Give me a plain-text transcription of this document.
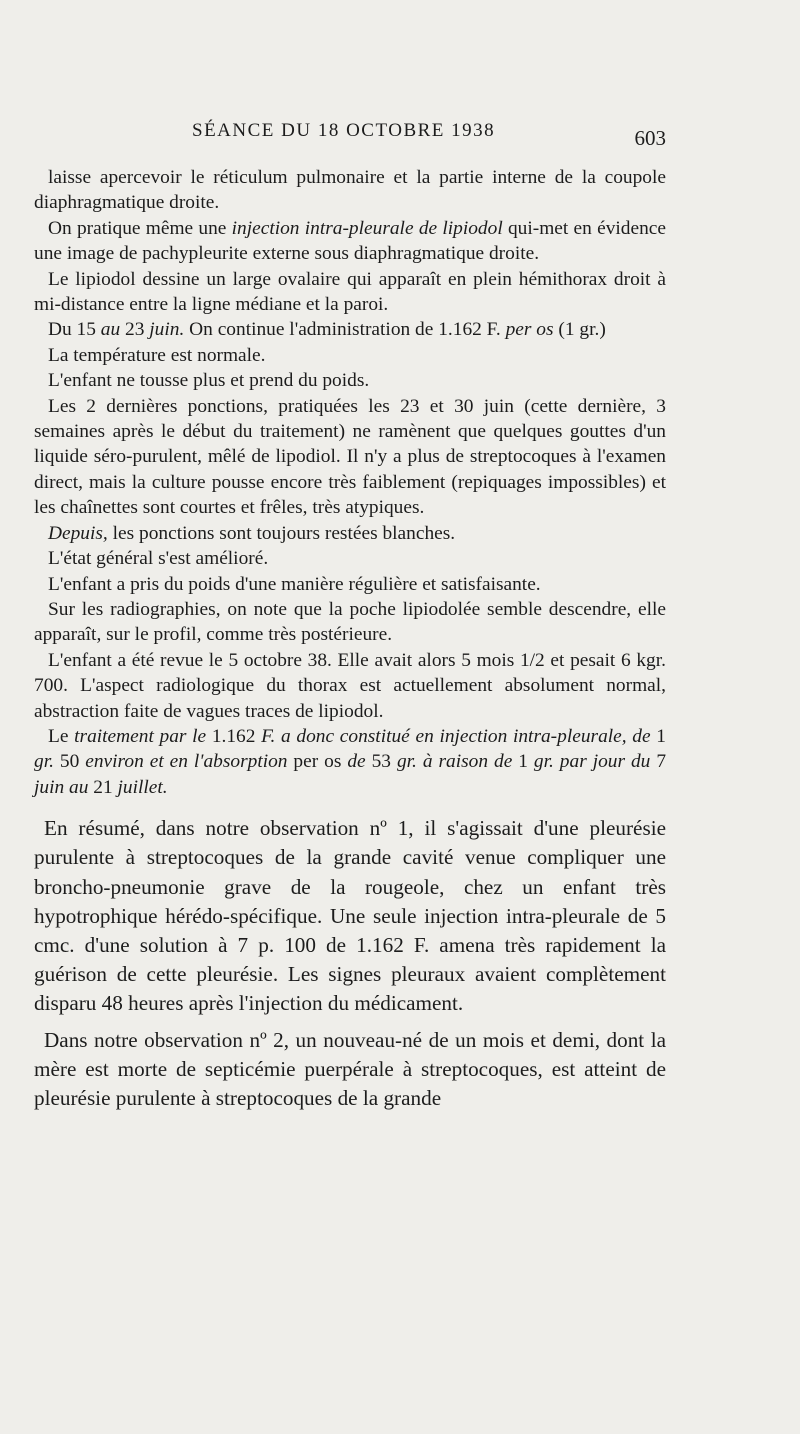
SÉANCE DU 18 OCTOBRE 1938	603

laisse apercevoir le réticulum pulmonaire et la partie interne de la coupole diaphragmatique droite.

On pratique même une injection intra-pleurale de lipiodol qui-met en évidence une image de pachypleurite externe sous diaphragmatique droite.

Le lipiodol dessine un large ovalaire qui apparaît en plein hémithorax droit à mi-distance entre la ligne médiane et la paroi.

Du 15 au 23 juin. On continue l'administration de 1.162 F. per os (1 gr.)

La température est normale.

L'enfant ne tousse plus et prend du poids.

Les 2 dernières ponctions, pratiquées les 23 et 30 juin (cette dernière, 3 semaines après le début du traitement) ne ramènent que quelques gouttes d'un liquide séro-purulent, mêlé de lipodiol. Il n'y a plus de streptocoques à l'examen direct, mais la culture pousse encore très faiblement (repiquages impossibles) et les chaînettes sont courtes et frêles, très atypiques.

Depuis, les ponctions sont toujours restées blanches.

L'état général s'est amélioré.

L'enfant a pris du poids d'une manière régulière et satisfaisante.

Sur les radiographies, on note que la poche lipiodolée semble descendre, elle apparaît, sur le profil, comme très postérieure.

L'enfant a été revue le 5 octobre 38. Elle avait alors 5 mois 1/2 et pesait 6 kgr. 700. L'aspect radiologique du thorax est actuellement absolument normal, abstraction faite de vagues traces de lipiodol.

Le traitement par le 1.162 F. a donc constitué en injection intra-pleurale, de 1 gr. 50 environ et en l'absorption per os de 53 gr. à raison de 1 gr. par jour du 7 juin au 21 juillet.

En résumé, dans notre observation nº 1, il s'agissait d'une pleurésie purulente à streptocoques de la grande cavité venue compliquer une broncho-pneumonie grave de la rougeole, chez un enfant très hypotrophique hérédo-spécifique. Une seule injection intra-pleurale de 5 cmc. d'une solution à 7 p. 100 de 1.162 F. amena très rapidement la guérison de cette pleurésie. Les signes pleuraux avaient complètement disparu 48 heures après l'injection du médicament.

Dans notre observation nº 2, un nouveau-né de un mois et demi, dont la mère est morte de septicémie puerpérale à streptocoques, est atteint de pleurésie purulente à streptocoques de la grande
